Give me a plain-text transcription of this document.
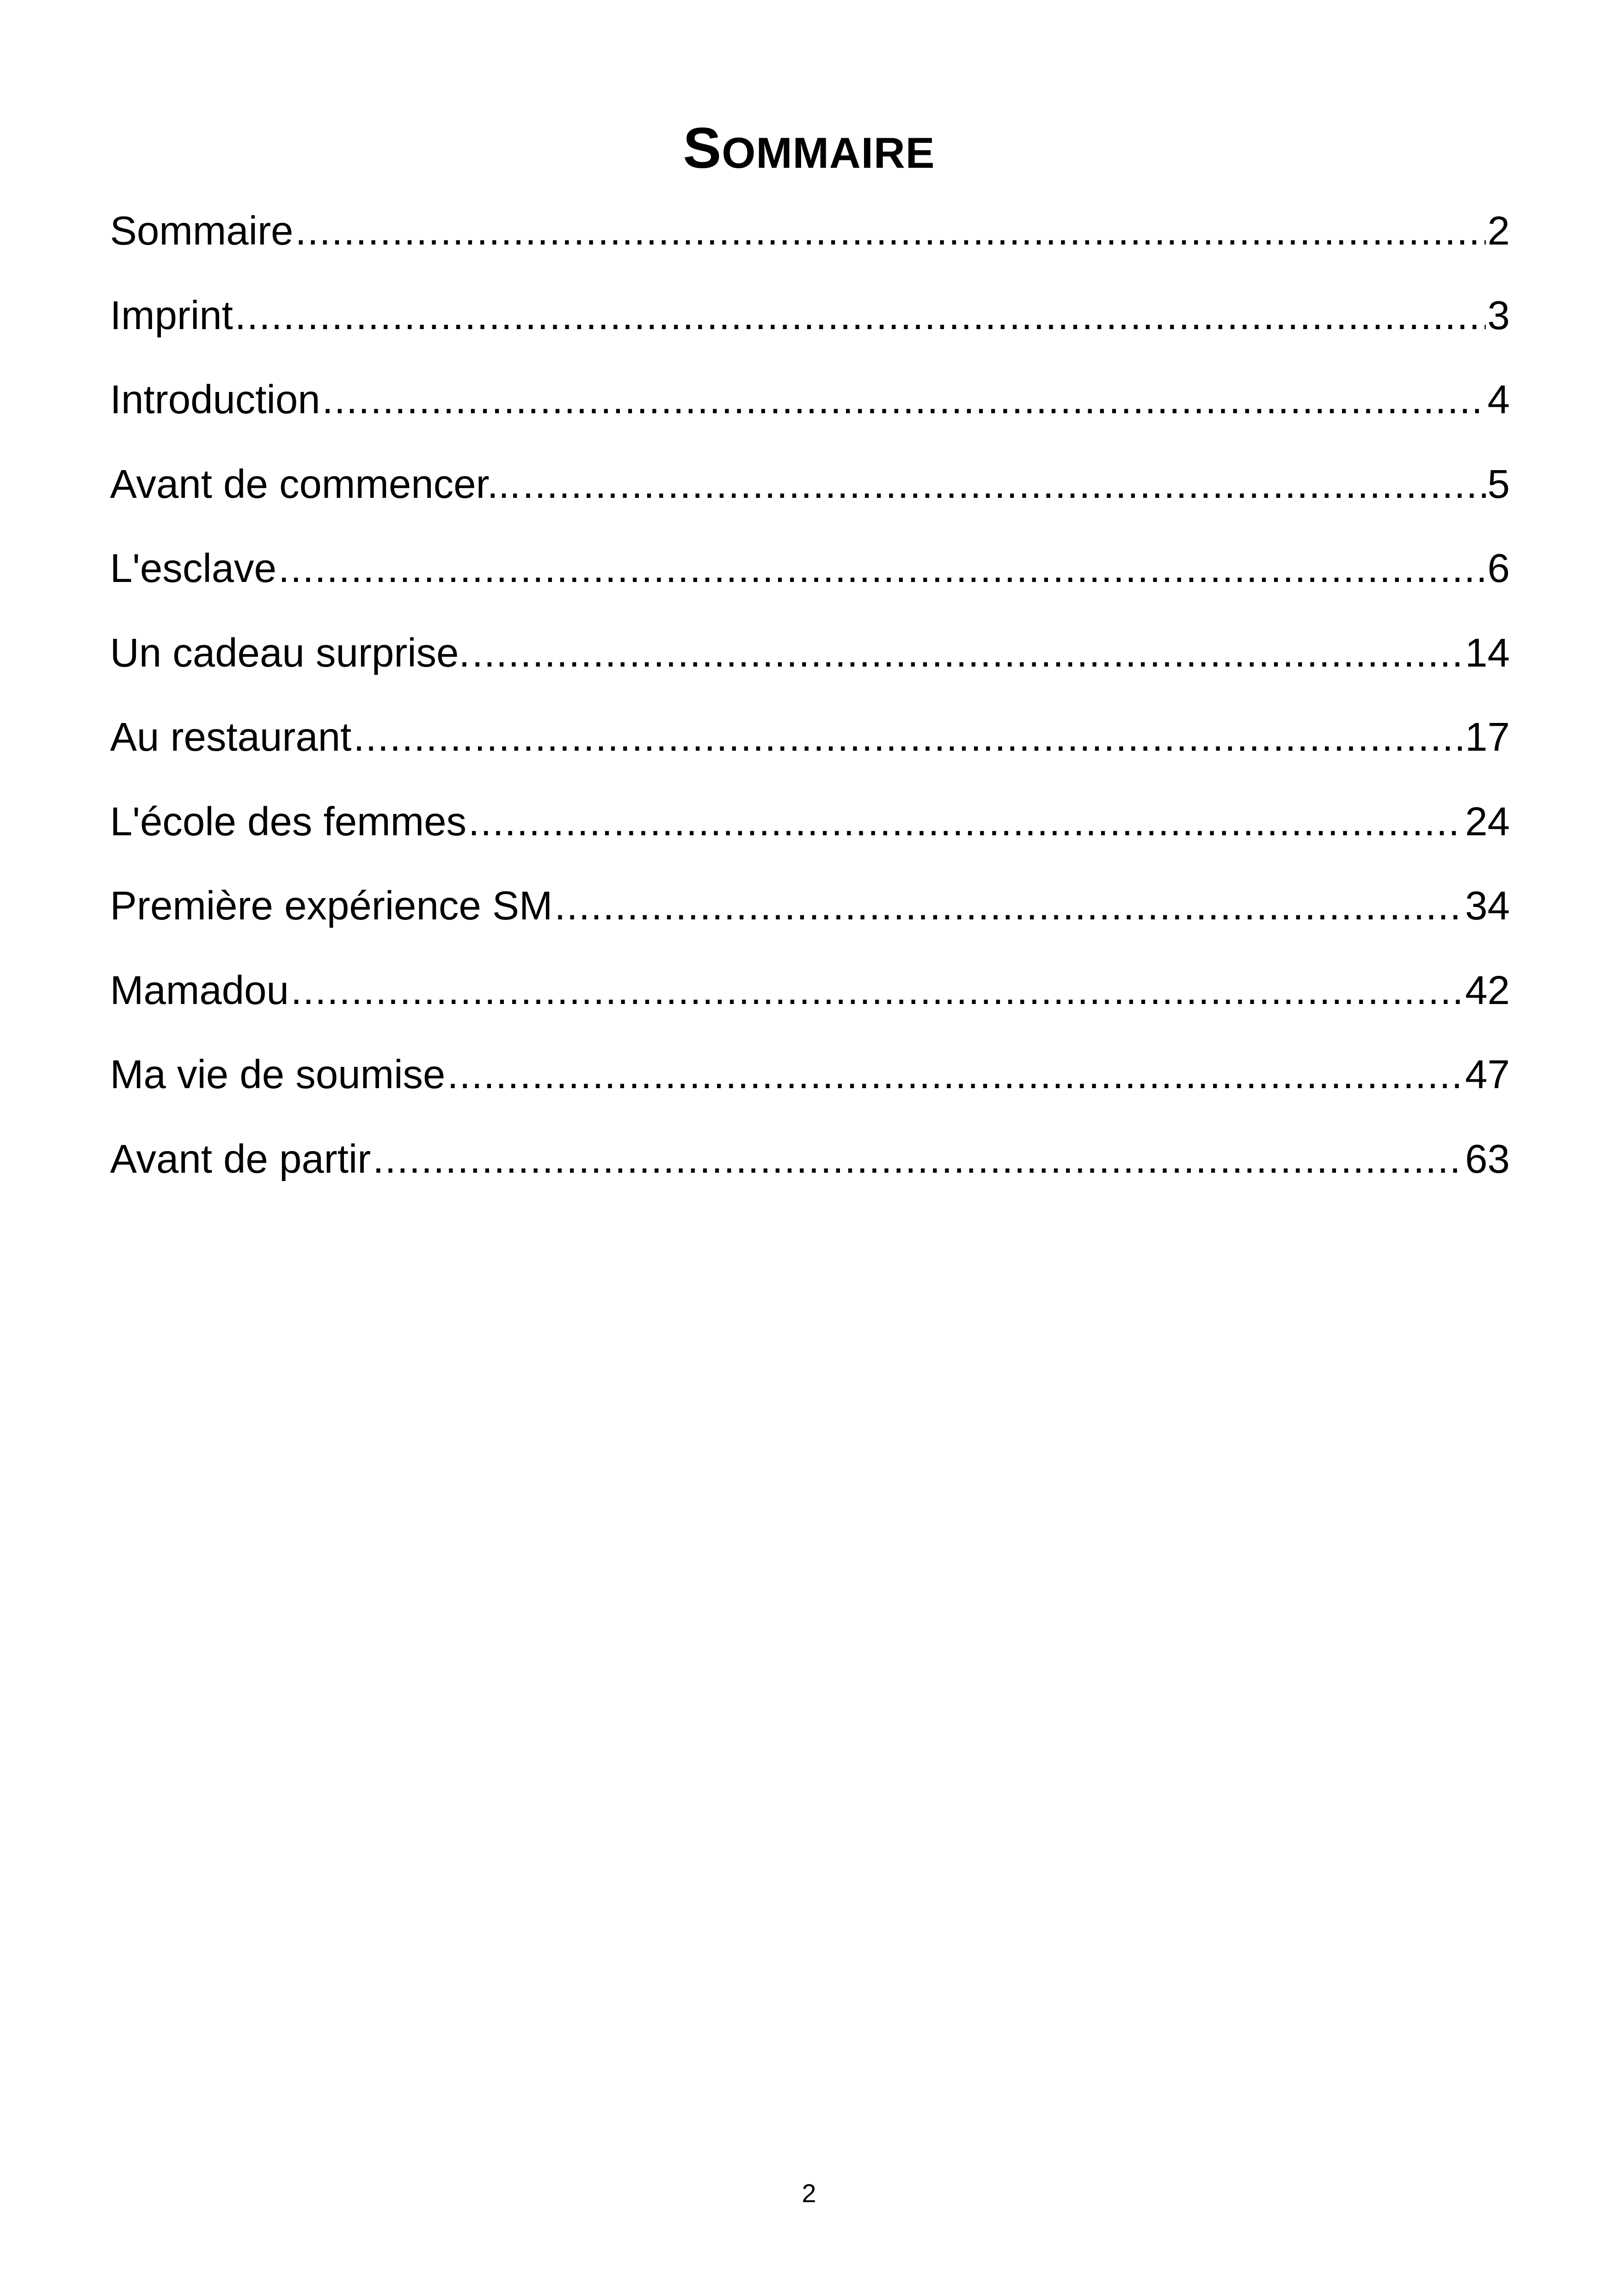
SOMMAIRE
Sommaire .....	2
Imprint .....	3
Introduction .....	4
Avant de commencer... .....	5
L'esclave .....	6
Un cadeau surprise. .....	14
Au restaurant .....	17
L'école des femmes .....	24
Première expérience SM .....	34
Mamadou .....	42
Ma vie de soumise .....	47
Avant de partir .....	63
2
